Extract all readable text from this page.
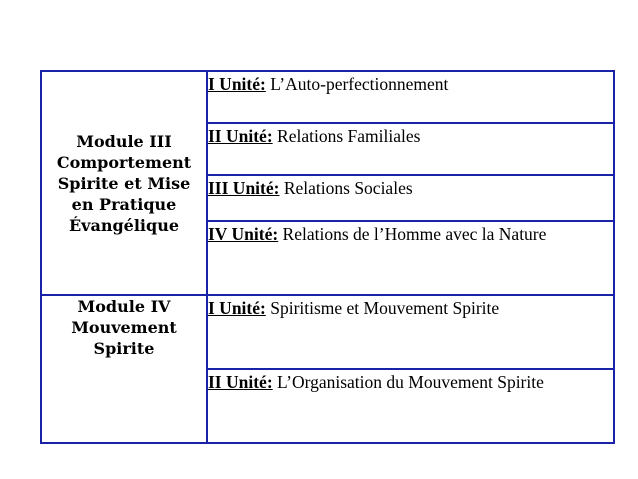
Module III
Comportement
Spirite et Mise
en Pratique
Évangélique	I Unité: L’Auto-perfectionnement
	II Unité: Relations Familiales
	III Unité: Relations Sociales
	IV Unité: Relations de l’Homme avec la Nature

Module IV
Mouvement
Spirite	I Unité: Spiritisme et Mouvement Spirite
	II Unité: L’Organisation du Mouvement Spirite
